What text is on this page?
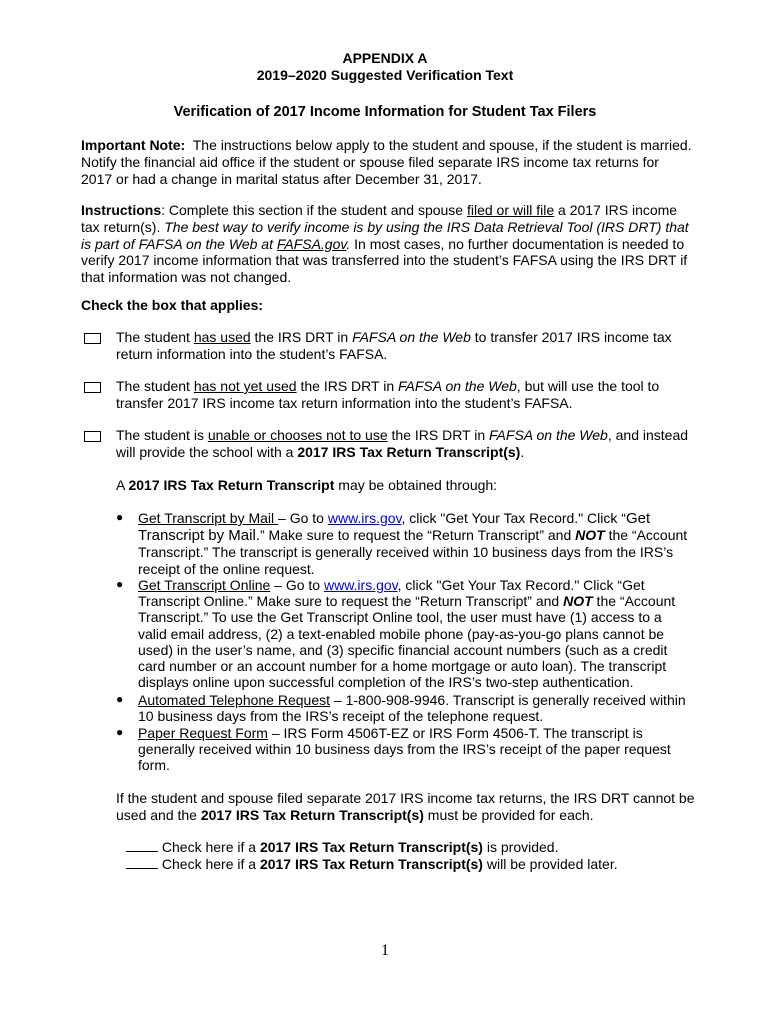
APPENDIX A
2019–2020 Suggested Verification Text
Verification of 2017 Income Information for Student Tax Filers
Important Note: The instructions below apply to the student and spouse, if the student is married. Notify the financial aid office if the student or spouse filed separate IRS income tax returns for 2017 or had a change in marital status after December 31, 2017.
Instructions: Complete this section if the student and spouse filed or will file a 2017 IRS income tax return(s). The best way to verify income is by using the IRS Data Retrieval Tool (IRS DRT) that is part of FAFSA on the Web at FAFSA.gov. In most cases, no further documentation is needed to verify 2017 income information that was transferred into the student’s FAFSA using the IRS DRT if that information was not changed.
Check the box that applies:
The student has used the IRS DRT in FAFSA on the Web to transfer 2017 IRS income tax return information into the student’s FAFSA.
The student has not yet used the IRS DRT in FAFSA on the Web, but will use the tool to transfer 2017 IRS income tax return information into the student’s FAFSA.
The student is unable or chooses not to use the IRS DRT in FAFSA on the Web, and instead will provide the school with a 2017 IRS Tax Return Transcript(s).
A 2017 IRS Tax Return Transcript may be obtained through:
● Get Transcript by Mail – Go to www.irs.gov, click "Get Your Tax Record." Click “Get Transcript by Mail.” Make sure to request the “Return Transcript” and NOT the “Account Transcript.” The transcript is generally received within 10 business days from the IRS’s receipt of the online request.
● Get Transcript Online – Go to www.irs.gov, click "Get Your Tax Record." Click “Get Transcript Online.” Make sure to request the “Return Transcript” and NOT the “Account Transcript.” To use the Get Transcript Online tool, the user must have (1) access to a valid email address, (2) a text-enabled mobile phone (pay-as-you-go plans cannot be used) in the user’s name, and (3) specific financial account numbers (such as a credit card number or an account number for a home mortgage or auto loan). The transcript displays online upon successful completion of the IRS’s two-step authentication.
● Automated Telephone Request – 1-800-908-9946. Transcript is generally received within 10 business days from the IRS’s receipt of the telephone request.
● Paper Request Form – IRS Form 4506T-EZ or IRS Form 4506-T. The transcript is generally received within 10 business days from the IRS’s receipt of the paper request form.
If the student and spouse filed separate 2017 IRS income tax returns, the IRS DRT cannot be used and the 2017 IRS Tax Return Transcript(s) must be provided for each.
Check here if a 2017 IRS Tax Return Transcript(s) is provided.
Check here if a 2017 IRS Tax Return Transcript(s) will be provided later.
1
